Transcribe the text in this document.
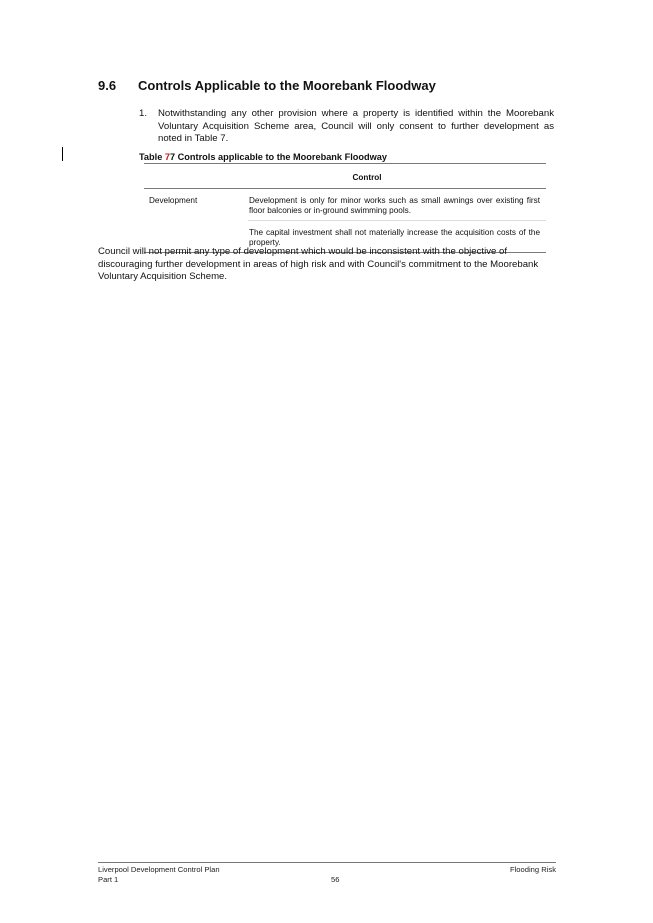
9.6 Controls Applicable to the Moorebank Floodway
1. Notwithstanding any other provision where a property is identified within the Moorebank Voluntary Acquisition Scheme area, Council will only consent to further development as noted in Table 7.
Table 77 Controls applicable to the Moorebank Floodway
Control
Development	Development is only for minor works such as small awnings over existing first floor balconies or in-ground swimming pools.
The capital investment shall not materially increase the acquisition costs of the property.
Council will not permit any type of development which would be inconsistent with the objective of discouraging further development in areas of high risk and with Council's commitment to the Moorebank Voluntary Acquisition Scheme.
Liverpool Development Control Plan	Flooding Risk
Part 1	56
